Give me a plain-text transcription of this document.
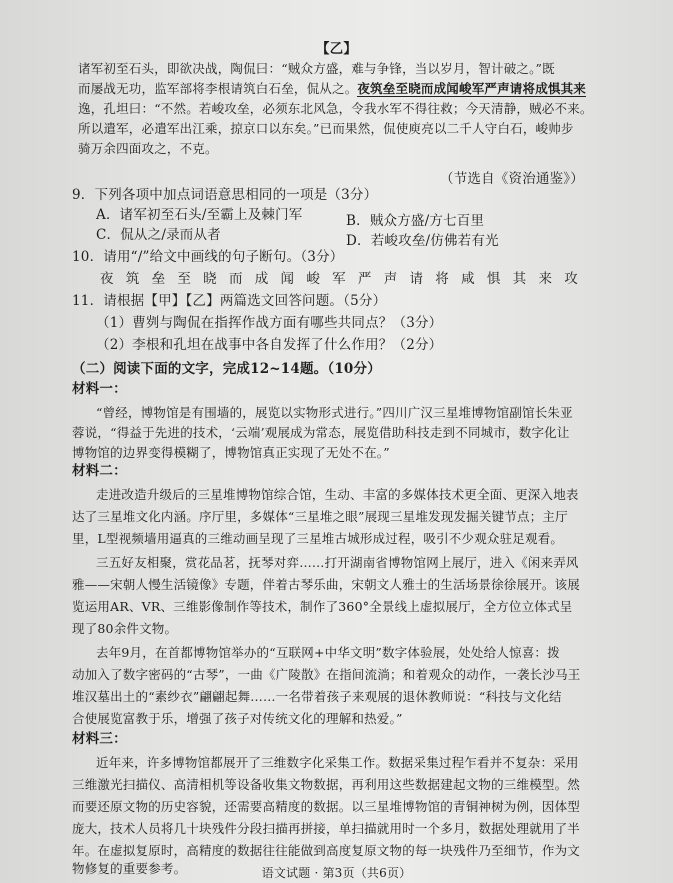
【乙】
诸军初至石头，即欲决战，陶侃曰：“贼众方盛，难与争锋，当以岁月，智计破之。”既
而屡战无功，监军部将李根请筑白石垒，侃从之。夜筑垒至晓而成闻峻军严声请将成惧其来
逸，孔坦曰：“不然。若峻攻垒，必须东北风急，令我水军不得往救；今天清静，贼必不来。
所以遣军，必遣军出江乘，掠京口以东矣。”已而果然，侃使庾亮以二千人守白石，峻帅步
骑万余四面攻之，不克。
（节选自《资治通鉴》）
9．下列各项中加点词语意思相同的一项是（3分）
A．诸军初至石头/至霸上及棘门军
C．侃从之/录而从者
B．贼众方盛/方七百里
D．若峻攻垒/仿佛若有光
10．请用“/”给文中画线的句子断句。（3分）
夜 筑 垒 至 晓 而 成 闻 峻 军 严 声 请 将 咸 惧 其 来 攻
11．请根据【甲】【乙】两篇选文回答问题。（5分）
（1）曹刿与陶侃在指挥作战方面有哪些共同点？（3分）
（2）李根和孔坦在战事中各自发挥了什么作用？（2分）
（二）阅读下面的文字，完成12~14题。（10分）
材料一：
“曾经，博物馆是有围墙的，展览以实物形式进行。”四川广汉三星堆博物馆副馆长朱亚
蓉说，“得益于先进的技术，‘云端’观展成为常态，展览借助科技走到不同城市，数字化让
博物馆的边界变得模糊了，博物馆真正实现了无处不在。”
材料二：
走进改造升级后的三星堆博物馆综合馆，生动、丰富的多媒体技术更全面、更深入地表
达了三星堆文化内涵。序厅里，多媒体“三星堆之眼”展现三星堆发现发掘关键节点；主厅
里，L型视频墙用逼真的三维动画呈现了三星堆古城形成过程，吸引不少观众驻足观看。
三五好友相聚，赏花品茗，抚琴对弈……打开湖南省博物馆网上展厅，进入《闲来弄风
雅——宋朝人慢生活镜像》专题，伴着古琴乐曲，宋朝文人雅士的生活场景徐徐展开。该展
览运用AR、VR、三维影像制作等技术，制作了360°全景线上虚拟展厅，全方位立体式呈
现了80余件文物。
去年9月，在首都博物馆举办的“互联网+中华文明”数字体验展，处处给人惊喜：拨
动加入了数字密码的“古琴”，一曲《广陵散》在指间流淌；和着观众的动作，一袭长沙马王
堆汉墓出土的“素纱衣”翩翩起舞……一名带着孩子来观展的退休教师说：“科技与文化结
合使展览富教于乐，增强了孩子对传统文化的理解和热爱。”
材料三：
近年来，许多博物馆都展开了三维数字化采集工作。数据采集过程乍看并不复杂：采用
三维激光扫描仪、高清相机等设备收集文物数据，再利用这些数据建起文物的三维模型。然
而要还原文物的历史容貌，还需要高精度的数据。以三星堆博物馆的青铜神树为例，因体型
庞大，技术人员将几十块残件分段扫描再拼接，单扫描就用时一个多月，数据处理就用了半
年。在虚拟复原时，高精度的数据往往能做到高度复原文物的每一块残件乃至细节，作为文
物修复的重要参考。	语文试题 · 第3页（共6页）
